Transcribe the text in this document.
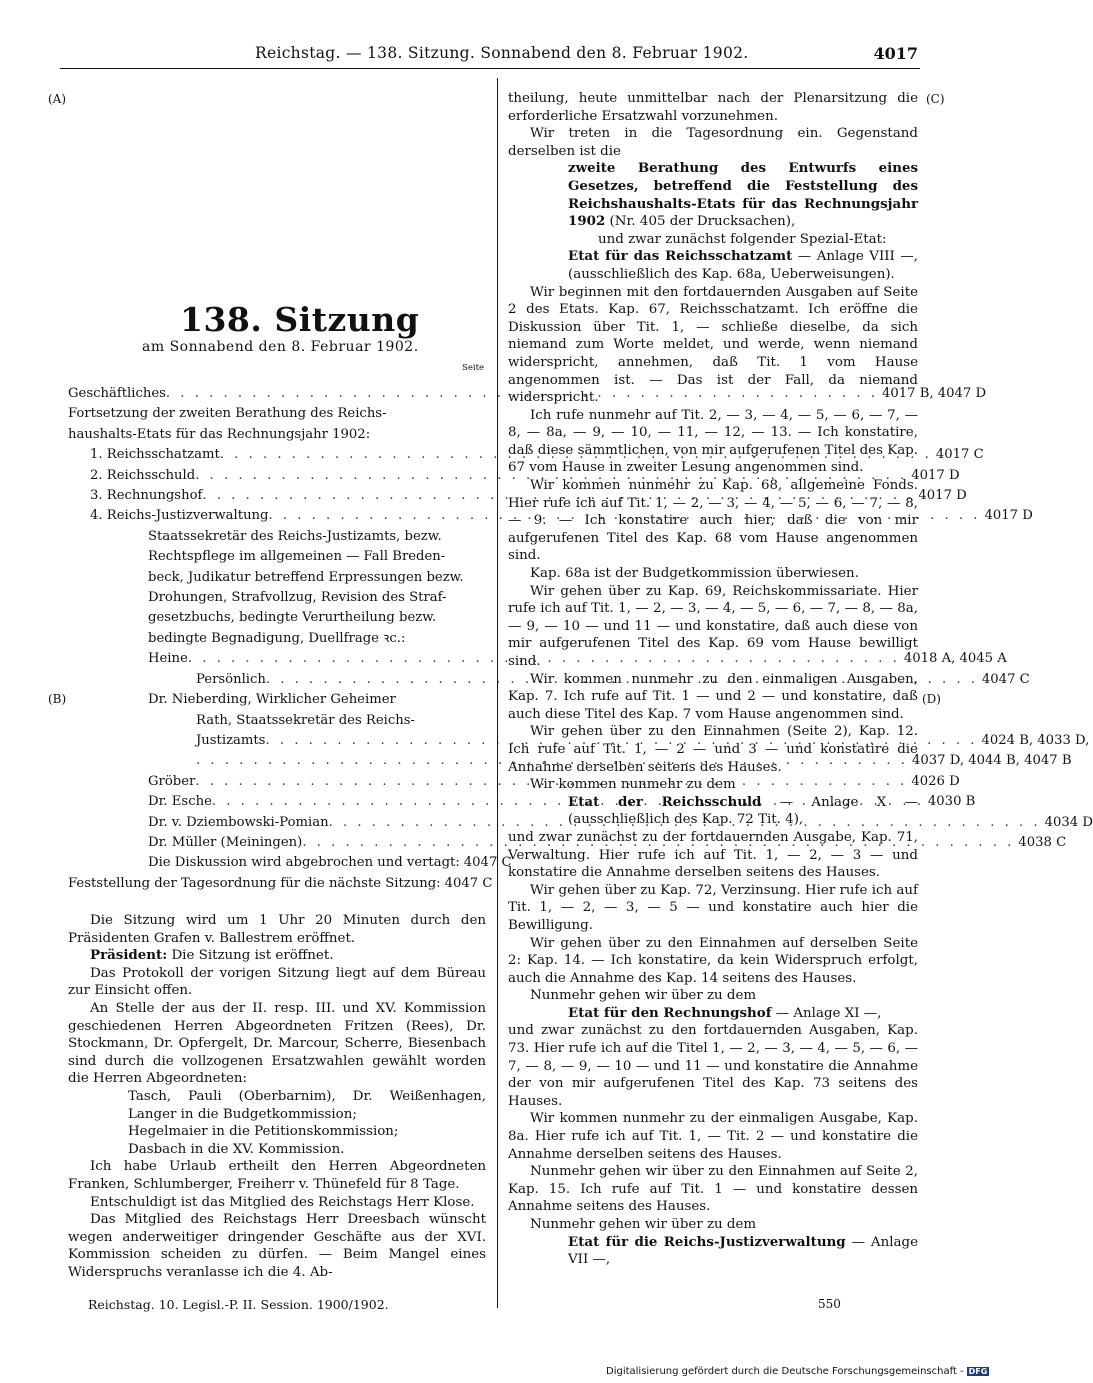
Reichstag. — 138. Sitzung. Sonnabend den 8. Februar 1902.	4017
(A)
(B)
(C)
(D)
138. Sitzung
am Sonnabend den 8. Februar 1902.
Seite
Geschäftliches . . .	4017 B, 4047 D
Fortsetzung der zweiten Berathung des Reichs-
haushalts-Etats für das Rechnungsjahr 1902:
1. Reichsschatzamt . . .	4017 C
2. Reichsschuld . . .	4017 D
3. Rechnungshof . . .	4017 D
4. Reichs-Justizverwaltung . . .	4017 D
Staatssekretär des Reichs-Justizamts, bezw.
Rechtspflege im allgemeinen — Fall Breden-
beck, Judikatur betreffend Erpressungen bezw.
Drohungen, Strafvollzug, Revision des Straf-
gesetzbuchs, bedingte Verurtheilung bezw.
bedingte Begnadigung, Duellfrage ꝛc.:
Heine . . .	4018 A, 4045 A
Persönlich . . .	4047 C
Dr. Nieberding, Wirklicher Geheimer
Rath, Staatssekretär des Reichs-
Justizamts . . .	4024 B, 4033 D,
. . .
4037 D, 4044 B, 4047 B
Gröber . . .	4026 D
Dr. Esche . . .	4030 B
Dr. v. Dziembowski-Pomian . . .	4034 D
Dr. Müller (Meiningen) . . .	4038 C
Die Diskussion wird abgebrochen und vertagt: 4047 C
Feststellung der Tagesordnung für die nächste Sitzung: 4047 C

Die Sitzung wird um 1 Uhr 20 Minuten durch den Präsidenten Grafen v. Ballestrem eröffnet.

Präsident: Die Sitzung ist eröffnet.

Das Protokoll der vorigen Sitzung liegt auf dem Büreau zur Einsicht offen.

An Stelle der aus der II. resp. III. und XV. Kommission geschiedenen Herren Abgeordneten Fritzen (Rees), Dr. Stockmann, Dr. Opfergelt, Dr. Marcour, Scherre, Biesenbach sind durch die vollzogenen Ersatzwahlen gewählt worden die Herren Abgeordneten:

Tasch, Pauli (Oberbarnim), Dr. Weißenhagen, Langer in die Budgetkommission;

Hegelmaier in die Petitionskommission;

Dasbach in die XV. Kommission.

Ich habe Urlaub ertheilt den Herren Abgeordneten Franken, Schlumberger, Freiherr v. Thünefeld für 8 Tage.

Entschuldigt ist das Mitglied des Reichstags Herr Klose.

Das Mitglied des Reichstags Herr Dreesbach wünscht wegen anderweitiger dringender Geschäfte aus der XVI. Kommission scheiden zu dürfen. — Beim Mangel eines Widerspruchs veranlasse ich die 4. Ab-

theilung, heute unmittelbar nach der Plenarsitzung die erforderliche Ersatzwahl vorzunehmen.

Wir treten in die Tagesordnung ein. Gegenstand derselben ist die

zweite Berathung des Entwurfs eines Gesetzes, betreffend die Feststellung des Reichshaushalts-Etats für das Rechnungsjahr 1902 (Nr. 405 der Drucksachen),

und zwar zunächst folgender Spezial-Etat:

Etat für das Reichsschatzamt — Anlage VIII —, (ausschließlich des Kap. 68a, Ueberweisungen).

Wir beginnen mit den fortdauernden Ausgaben auf Seite 2 des Etats. Kap. 67, Reichsschatzamt. Ich eröffne die Diskussion über Tit. 1, — schließe dieselbe, da sich niemand zum Worte meldet, und werde, wenn niemand widerspricht, annehmen, daß Tit. 1 vom Hause angenommen ist. — Das ist der Fall, da niemand widerspricht.

Ich rufe nunmehr auf Tit. 2, — 3, — 4, — 5, — 6, — 7, — 8, — 8a, — 9, — 10, — 11, — 12, — 13. — Ich konstatire, daß diese sämmtlichen, von mir aufgerufenen Titel des Kap. 67 vom Hause in zweiter Lesung angenommen sind.

Wir kommen nunmehr zu Kap. 68, allgemeine Fonds. Hier rufe ich auf Tit. 1, — 2, — 3, — 4, — 5, — 6, — 7, — 8, — 9. — Ich konstatire auch hier, daß die von mir aufgerufenen Titel des Kap. 68 vom Hause angenommen sind.

Kap. 68a ist der Budgetkommission überwiesen.

Wir gehen über zu Kap. 69, Reichskommissariate. Hier rufe ich auf Tit. 1, — 2, — 3, — 4, — 5, — 6, — 7, — 8, — 8a, — 9, — 10 — und 11 — und konstatire, daß auch diese von mir aufgerufenen Titel des Kap. 69 vom Hause bewilligt sind.

Wir kommen nunmehr zu den einmaligen Ausgaben, Kap. 7. Ich rufe auf Tit. 1 — und 2 — und konstatire, daß auch diese Titel des Kap. 7 vom Hause angenommen sind.

Wir gehen über zu den Einnahmen (Seite 2), Kap. 12. Ich rufe auf Tit. 1, — 2 — und 3 — und konstatire die Annahme derselben seitens des Hauses.

Wir kommen nunmehr zu dem

Etat der Reichsschuld — Anlage X — (ausschließlich des Kap. 72 Tit. 4),

und zwar zunächst zu der fortdauernden Ausgabe, Kap. 71, Verwaltung. Hier rufe ich auf Tit. 1, — 2, — 3 — und konstatire die Annahme derselben seitens des Hauses.

Wir gehen über zu Kap. 72, Verzinsung. Hier rufe ich auf Tit. 1, — 2, — 3, — 5 — und konstatire auch hier die Bewilligung.

Wir gehen über zu den Einnahmen auf derselben Seite 2: Kap. 14. — Ich konstatire, da kein Widerspruch erfolgt, auch die Annahme des Kap. 14 seitens des Hauses.

Nunmehr gehen wir über zu dem

Etat für den Rechnungshof — Anlage XI —,

und zwar zunächst zu den fortdauernden Ausgaben, Kap. 73. Hier rufe ich auf die Titel 1, — 2, — 3, — 4, — 5, — 6, — 7, — 8, — 9, — 10 — und 11 — und konstatire die Annahme der von mir aufgerufenen Titel des Kap. 73 seitens des Hauses.

Wir kommen nunmehr zu der einmaligen Ausgabe, Kap. 8a. Hier rufe ich auf Tit. 1, — Tit. 2 — und konstatire die Annahme derselben seitens des Hauses.

Nunmehr gehen wir über zu den Einnahmen auf Seite 2, Kap. 15. Ich rufe auf Tit. 1 — und konstatire dessen Annahme seitens des Hauses.

Nunmehr gehen wir über zu dem

Etat für die Reichs-Justizverwaltung — Anlage VII —,

Reichstag. 10. Legisl.-P. II. Session. 1900/1902.	550
Digitalisierung gefördert durch die Deutsche Forschungsgemeinschaft - DFG
